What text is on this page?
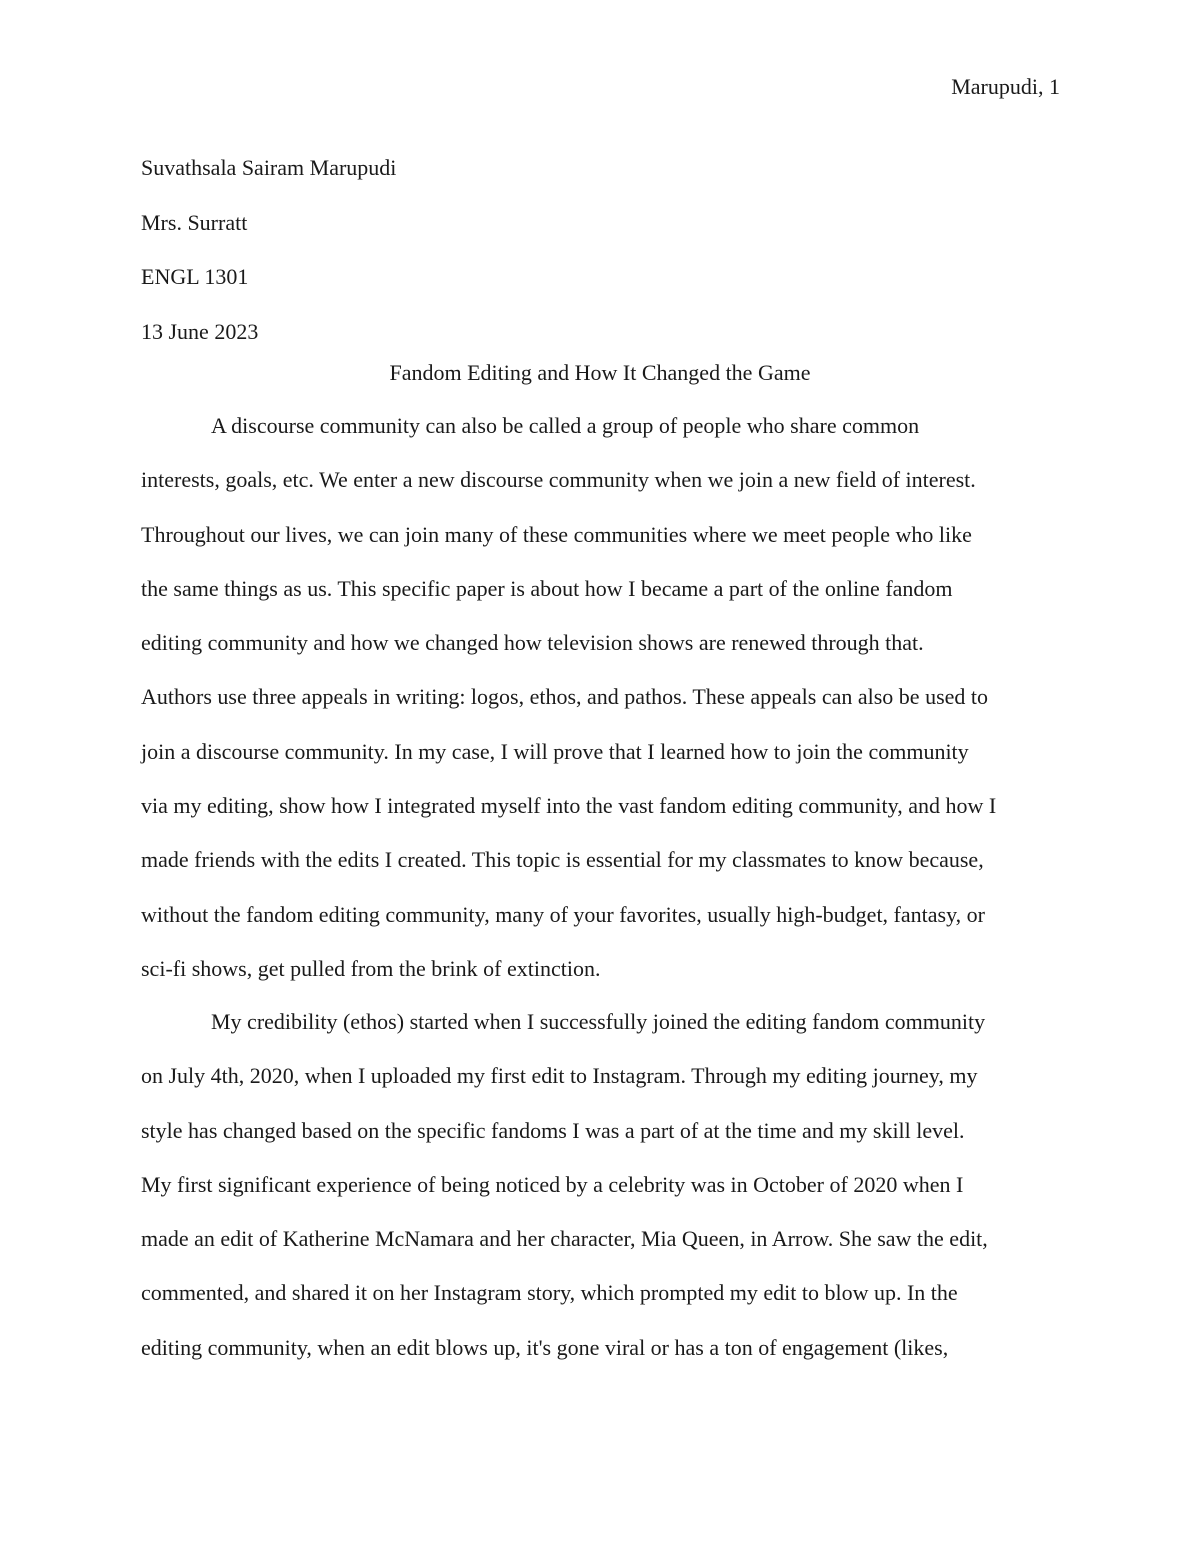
Marupudi, 1
Suvathsala Sairam Marupudi
Mrs. Surratt
ENGL 1301
13 June 2023
Fandom Editing and How It Changed the Game
A discourse community can also be called a group of people who share common
interests, goals, etc. We enter a new discourse community when we join a new field of interest.
Throughout our lives, we can join many of these communities where we meet people who like
the same things as us. This specific paper is about how I became a part of the online fandom
editing community and how we changed how television shows are renewed through that.
Authors use three appeals in writing: logos, ethos, and pathos. These appeals can also be used to
join a discourse community. In my case, I will prove that I learned how to join the community
via my editing, show how I integrated myself into the vast fandom editing community, and how I
made friends with the edits I created. This topic is essential for my classmates to know because,
without the fandom editing community, many of your favorites, usually high-budget, fantasy, or
sci-fi shows, get pulled from the brink of extinction.
My credibility (ethos) started when I successfully joined the editing fandom community
on July 4th, 2020, when I uploaded my first edit to Instagram. Through my editing journey, my
style has changed based on the specific fandoms I was a part of at the time and my skill level.
My first significant experience of being noticed by a celebrity was in October of 2020 when I
made an edit of Katherine McNamara and her character, Mia Queen, in Arrow. She saw the edit,
commented, and shared it on her Instagram story, which prompted my edit to blow up. In the
editing community, when an edit blows up, it's gone viral or has a ton of engagement (likes,
